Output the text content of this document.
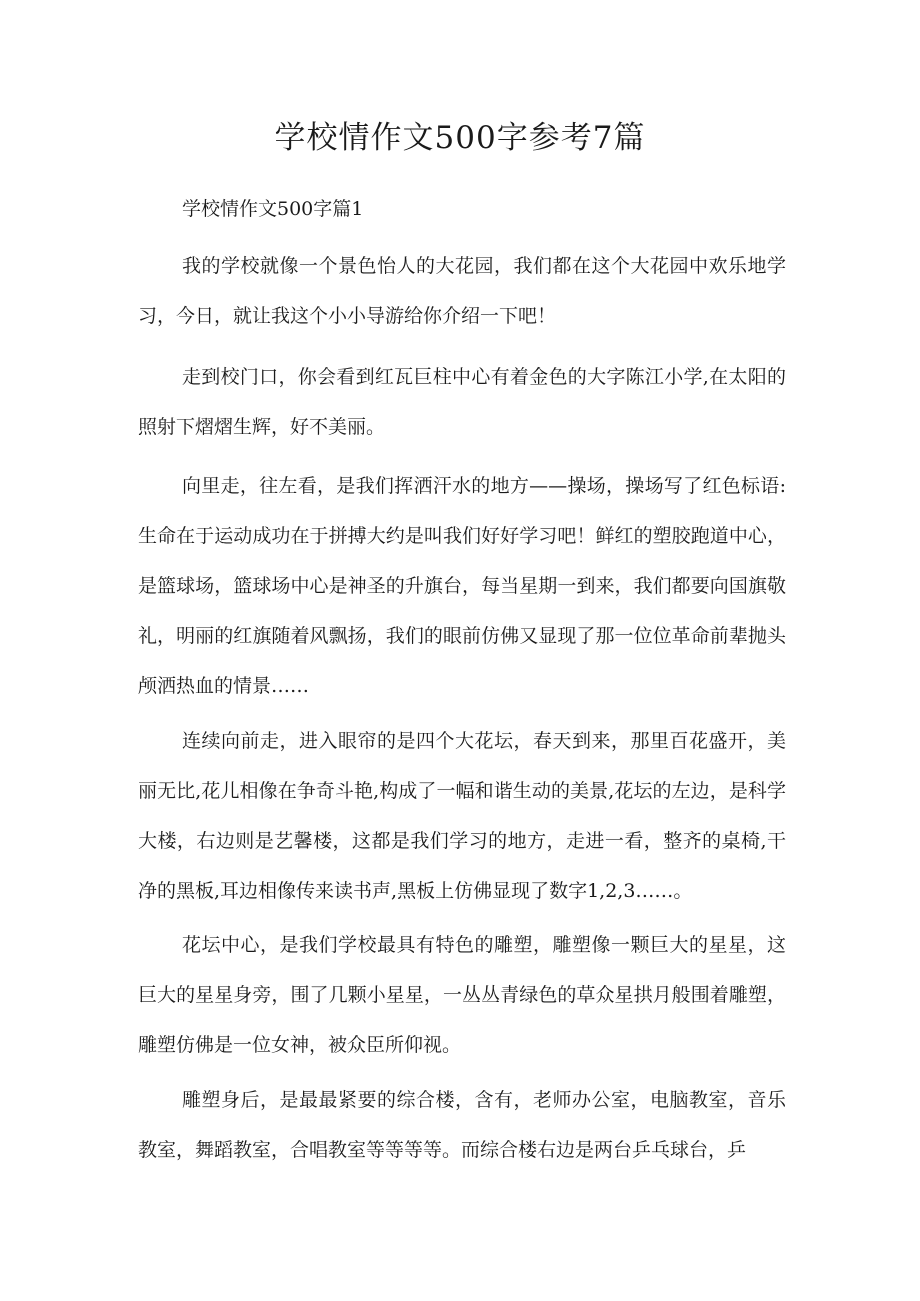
学校情作文500字参考7篇
学校情作文500字篇1

我的学校就像一个景色怡人的大花园，我们都在这个大花园中欢乐地学习，今日，就让我这个小小导游给你介绍一下吧！

走到校门口，你会看到红瓦巨柱中心有着金色的大字陈江小学,在太阳的照射下熠熠生辉，好不美丽。

向里走，往左看，是我们挥洒汗水的地方——操场，操场写了红色标语:生命在于运动成功在于拼搏大约是叫我们好好学习吧！鲜红的塑胶跑道中心，是篮球场，篮球场中心是神圣的升旗台，每当星期一到来，我们都要向国旗敬礼，明丽的红旗随着风飘扬，我们的眼前仿佛又显现了那一位位革命前辈抛头颅洒热血的情景……

连续向前走，进入眼帘的是四个大花坛，春天到来，那里百花盛开，美丽无比,花儿相像在争奇斗艳,构成了一幅和谐生动的美景,花坛的左边，是科学大楼，右边则是艺馨楼，这都是我们学习的地方，走进一看，整齐的桌椅,干净的黑板,耳边相像传来读书声,黑板上仿佛显现了数字1,2,3……。

花坛中心，是我们学校最具有特色的雕塑，雕塑像一颗巨大的星星，这巨大的星星身旁，围了几颗小星星，一丛丛青绿色的草众星拱月般围着雕塑，雕塑仿佛是一位女神，被众臣所仰视。

雕塑身后，是最最紧要的综合楼，含有，老师办公室，电脑教室，音乐教室，舞蹈教室，合唱教室等等等等。而综合楼右边是两台乒乓球台，乒
